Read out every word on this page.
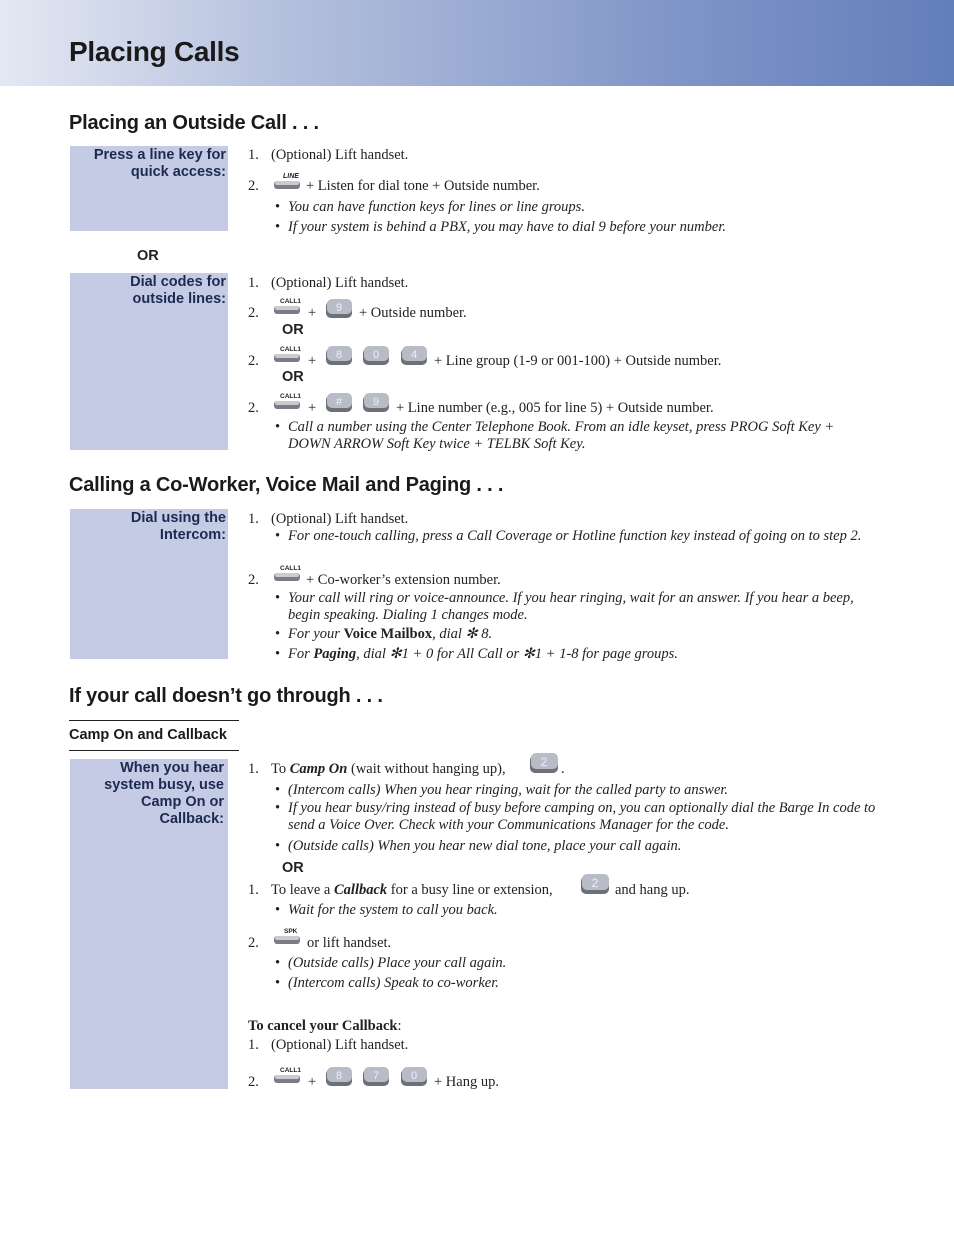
Placing Calls
Placing an Outside Call . . .
Press a line key for quick access:
1. (Optional) Lift handset.
2.
LINE
+ Listen for dial tone + Outside number.
• You can have function keys for lines or line groups.
• If your system is behind a PBX, you may have to dial 9 before your number.
OR
Dial codes for outside lines:
1. (Optional) Lift handset.
2.
CALL1
+ 9 + Outside number.
OR
2.
CALL1
+ 8	0	4 + Line group (1-9 or 001-100) + Outside number.
OR
2.
CALL1
+ #	9 + Line number (e.g., 005 for line 5) + Outside number.
• Call a number using the Center Telephone Book. From an idle keyset, press PROG Soft Key + DOWN ARROW Soft Key twice + TELBK Soft Key.
Calling a Co-Worker, Voice Mail and Paging . . .
Dial using the Intercom:
1. (Optional) Lift handset.
• For one-touch calling, press a Call Coverage or Hotline function key instead of going on to step 2.
2.
CALL1
+ Co-worker’s extension number.
• Your call will ring or voice-announce. If you hear ringing, wait for an answer. If you hear a beep, begin speaking. Dialing 1 changes mode.
• For your Voice Mailbox, dial ✻ 8.
• For Paging, dial ✻1 + 0 for All Call or ✻1 + 1-8 for page groups.
If your call doesn’t go through . . .
Camp On and Callback
When you hear system busy, use Camp On or Callback:
1. To Camp On (wait without hanging up),	2 .
• (Intercom calls) When you hear ringing, wait for the called party to answer.
• If you hear busy/ring instead of busy before camping on, you can optionally dial the Barge In code to send a Voice Over. Check with your Communications Manager for the code.
• (Outside calls) When you hear new dial tone, place your call again.
OR
1. To leave a Callback for a busy line or extension,	2 and hang up.
• Wait for the system to call you back.
2.
SPK
or lift handset.
• (Outside calls) Place your call again.
• (Intercom calls) Speak to co-worker.
To cancel your Callback:
1. (Optional) Lift handset.
2.
CALL1
+ 8	7	0 + Hang up.
